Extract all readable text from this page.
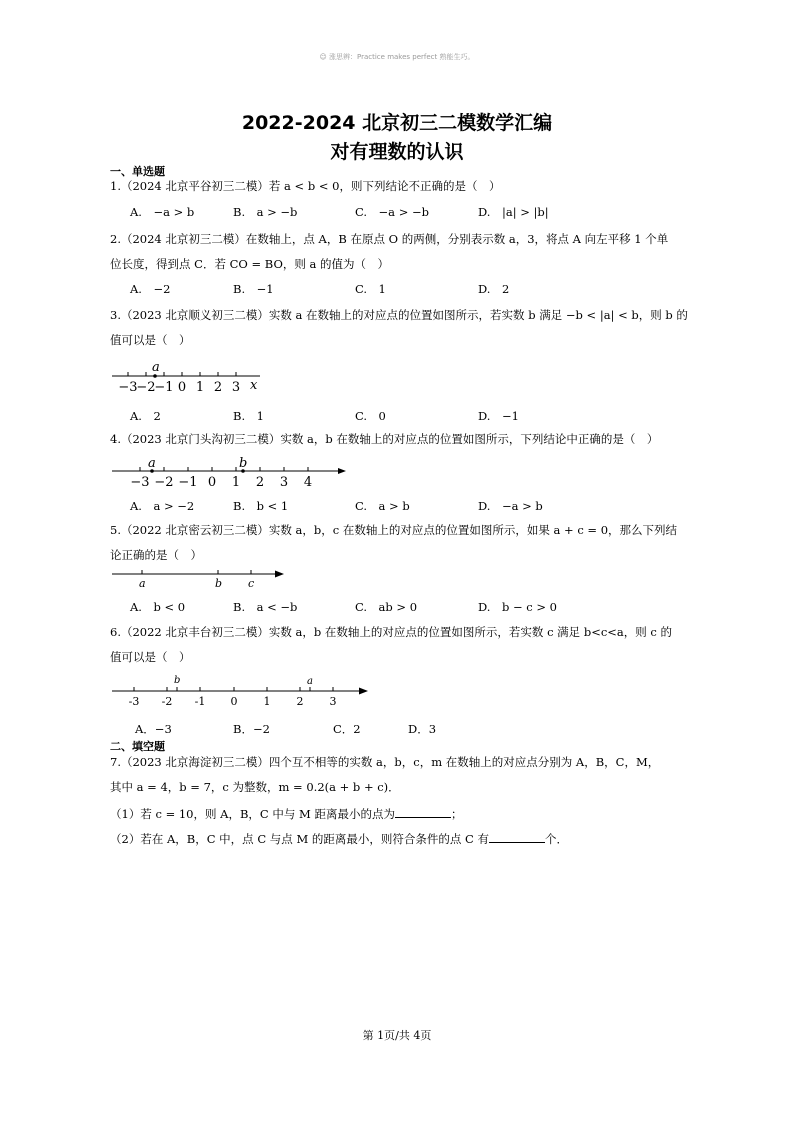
☺ 涨思辨：Practice makes perfect 熟能生巧。
2022-2024 北京初三二模数学汇编
对有理数的认识
一、单选题
1.（2024 北京平谷初三二模）若 a < b < 0，则下列结论不正确的是（　）
A.　−a > b	B.　a > −b	C.　−a > −b	D.　|a| > |b|
2.（2024 北京初三二模）在数轴上，点 A，B 在原点 O 的两侧，分别表示数 a，3，将点 A 向左平移 1 个单
位长度，得到点 C．若 CO = BO，则 a 的值为（　）
A.　−2	B.　−1	C.　1	D.　2
3.（2023 北京顺义初三二模）实数 a 在数轴上的对应点的位置如图所示，若实数 b 满足 −b < |a| < b，则 b 的
值可以是（　）
a
−3
−2
−1 0 1 2 3 x
A.　2	B.　1	C.　0	D.　−1
4.（2023 北京门头沟初三二模）实数 a，b 在数轴上的对应点的位置如图所示，下列结论中正确的是（　）
a	b
−3 −2 −1 0 1 2 3 4
A.　a > −2	B.　b < 1	C.　a > b	D.　−a > b
5.（2022 北京密云初三二模）实数 a，b，c 在数轴上的对应点的位置如图所示，如果 a + c = 0，那么下列结
论正确的是（　）
a	b c
A.　b < 0	B.　a < −b	C.　ab > 0	D.　b − c > 0
6.（2022 北京丰台初三二模）实数 a，b 在数轴上的对应点的位置如图所示，若实数 c 满足 b<c<a，则 c 的
值可以是（　）
b	a
-3 -2 -1 0 1 2 3
A．−3	B．−2	C．2	D．3
二、填空题
7.（2023 北京海淀初三二模）四个互不相等的实数 a，b，c，m 在数轴上的对应点分别为 A，B，C，M，
其中 a = 4，b = 7，c 为整数，m = 0.2(a + b + c)．
（1）若 c = 10，则 A，B，C 中与 M 距离最小的点为	；
（2）若在 A，B，C 中，点 C 与点 M 的距离最小，则符合条件的点 C 有	个．
第 1页/共 4页
